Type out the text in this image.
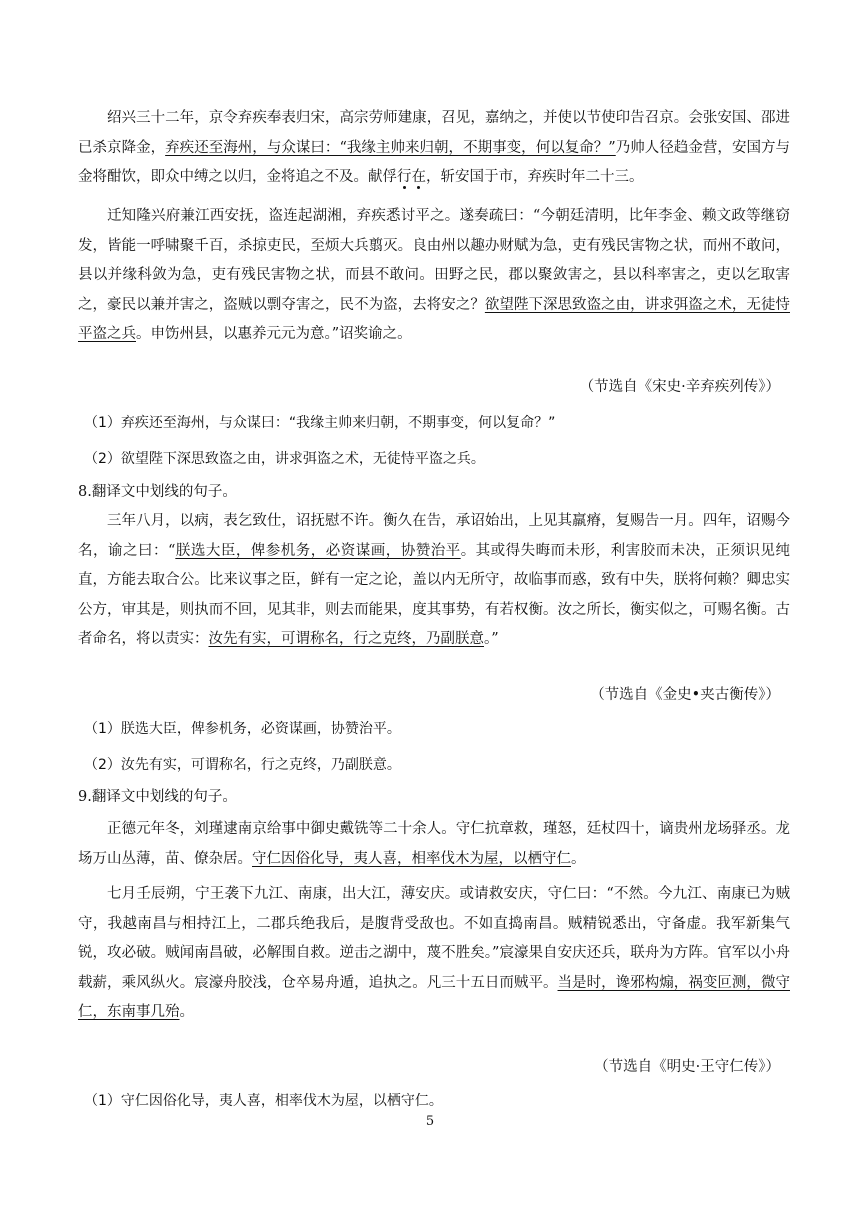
绍兴三十二年，京令弃疾奉表归宋，高宗劳师建康，召见，嘉纳之，并使以节使印告召京。会张安国、邵进已杀京降金，弃疾还至海州，与众谋曰：“我缘主帅来归朝，不期事变，何以复命？”乃帅人径趋金营，安国方与金将酣饮，即众中缚之以归，金将追之不及。献俘行在，斩安国于市，弃疾时年二十三。

迁知隆兴府兼江西安抚，盗连起湖湘，弃疾悉讨平之。遂奏疏曰：“今朝廷清明，比年李金、赖文政等继窃发，皆能一呼啸聚千百，杀掠吏民，至烦大兵翦灭。良由州以趣办财赋为急，吏有残民害物之状，而州不敢问，县以并缘科敛为急，吏有残民害物之状，而县不敢问。田野之民，郡以聚敛害之，县以科率害之，吏以乞取害之，豪民以兼并害之，盗贼以剽夺害之，民不为盗，去将安之？欲望陛下深思致盗之由，讲求弭盗之术，无徒恃平盗之兵。申饬州县，以惠养元元为意。”诏奖谕之。

（节选自《宋史·辛弃疾列传》）
（1）弃疾还至海州，与众谋曰：“我缘主帅来归朝，不期事变，何以复命？”
（2）欲望陛下深思致盗之由，讲求弭盗之术，无徒恃平盗之兵。
8.翻译文中划线的句子。

三年八月，以病，表乞致仕，诏抚慰不许。衡久在告，承诏始出，上见其羸瘠，复赐告一月。四年，诏赐今名，谕之曰：“朕选大臣，俾参机务，必资谋画，协赞治平。其或得失晦而未形，利害胶而未决，正须识见纯直，方能去取合公。比来议事之臣，鲜有一定之论，盖以内无所守，故临事而惑，致有中失，朕将何赖？卿忠实公方，审其是，则执而不回，见其非，则去而能果，度其事势，有若权衡。汝之所长，衡实似之，可赐名衡。古者命名，将以责实：汝先有实，可谓称名，行之克终，乃副朕意。”

（节选自《金史•夹古衡传》）
（1）朕选大臣，俾参机务，必资谋画，协赞治平。
（2）汝先有实，可谓称名，行之克终，乃副朕意。
9.翻译文中划线的句子。

正德元年冬，刘瑾逮南京给事中御史戴铣等二十余人。守仁抗章救，瑾怒，廷杖四十，谪贵州龙场驿丞。龙场万山丛薄，苗、僚杂居。守仁因俗化导，夷人喜，相率伐木为屋，以栖守仁。

七月壬辰朔，宁王袭下九江、南康，出大江，薄安庆。或请救安庆，守仁曰：“不然。今九江、南康已为贼守，我越南昌与相持江上，二郡兵绝我后，是腹背受敌也。不如直捣南昌。贼精锐悉出，守备虚。我军新集气锐，攻必破。贼闻南昌破，必解围自救。逆击之湖中，蔑不胜矣。”宸濠果自安庆还兵，联舟为方阵。官军以小舟载薪，乘风纵火。宸濠舟胶浅，仓卒易舟遁，追执之。凡三十五日而贼平。当是时，谗邪构煽，祸变叵测，微守仁，东南事几殆。

（节选自《明史·王守仁传》）
（1）守仁因俗化导，夷人喜，相率伐木为屋，以栖守仁。
5
